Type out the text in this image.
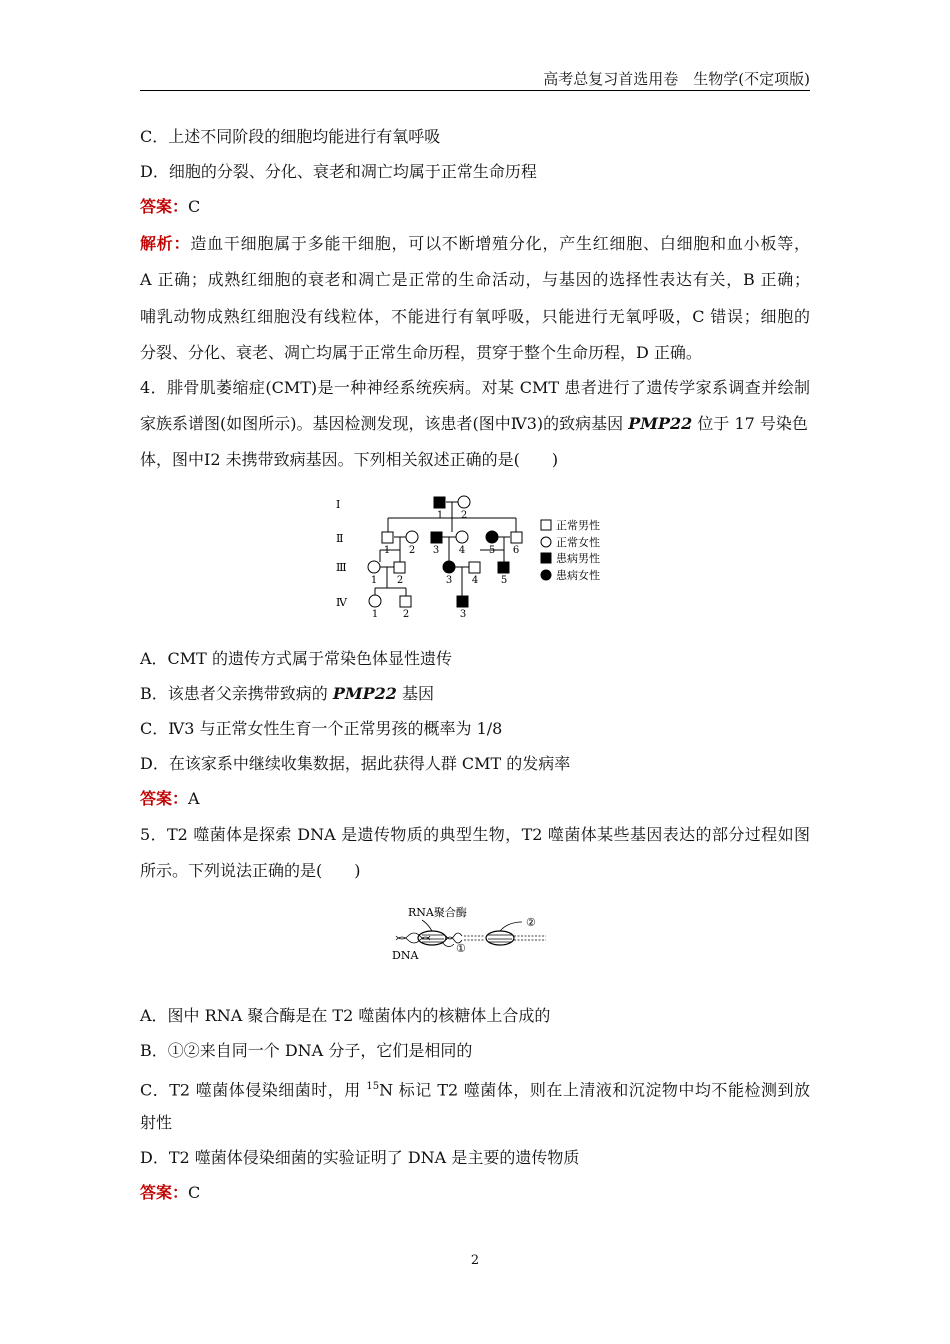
高考总复习首选用卷　生物学(不定项版)
C．上述不同阶段的细胞均能进行有氧呼吸
D．细胞的分裂、分化、衰老和凋亡均属于正常生命历程
答案：C
解析：造血干细胞属于多能干细胞，可以不断增殖分化，产生红细胞、白细胞和血小板等，
A 正确；成熟红细胞的衰老和凋亡是正常的生命活动，与基因的选择性表达有关，B 正确；
哺乳动物成熟红细胞没有线粒体，不能进行有氧呼吸，只能进行无氧呼吸，C 错误；细胞的
分裂、分化、衰老、凋亡均属于正常生命历程，贯穿于整个生命历程，D 正确。
4．腓骨肌萎缩症(CMT)是一种神经系统疾病。对某 CMT 患者进行了遗传学家系调查并绘制
家族系谱图(如图所示)。基因检测发现，该患者(图中Ⅳ3)的致病基因 PMP22 位于 17 号染色
体，图中Ⅰ2 未携带致病基因。下列相关叙述正确的是(　　)
Ⅰ
Ⅱ
Ⅲ
Ⅳ
1 2
1 2 3 4 5 6
1 2	3 4 5
1 2	3
正常男性
正常女性
患病男性
患病女性
A．CMT 的遗传方式属于常染色体显性遗传
B．该患者父亲携带致病的 PMP22 基因
C．Ⅳ3 与正常女性生育一个正常男孩的概率为 1/8
D．在该家系中继续收集数据，据此获得人群 CMT 的发病率
答案：A
5．T2 噬菌体是探索 DNA 是遗传物质的典型生物，T2 噬菌体某些基因表达的部分过程如图
所示。下列说法正确的是(　　)
RNA聚合酶
DNA
①
②
A．图中 RNA 聚合酶是在 T2 噬菌体内的核糖体上合成的
B．①②来自同一个 DNA 分子，它们是相同的
C．T2 噬菌体侵染细菌时，用 $^{15}$N 标记 T2 噬菌体，则在上清液和沉淀物中均不能检测到放
射性
D．T2 噬菌体侵染细菌的实验证明了 DNA 是主要的遗传物质
答案：C
2
